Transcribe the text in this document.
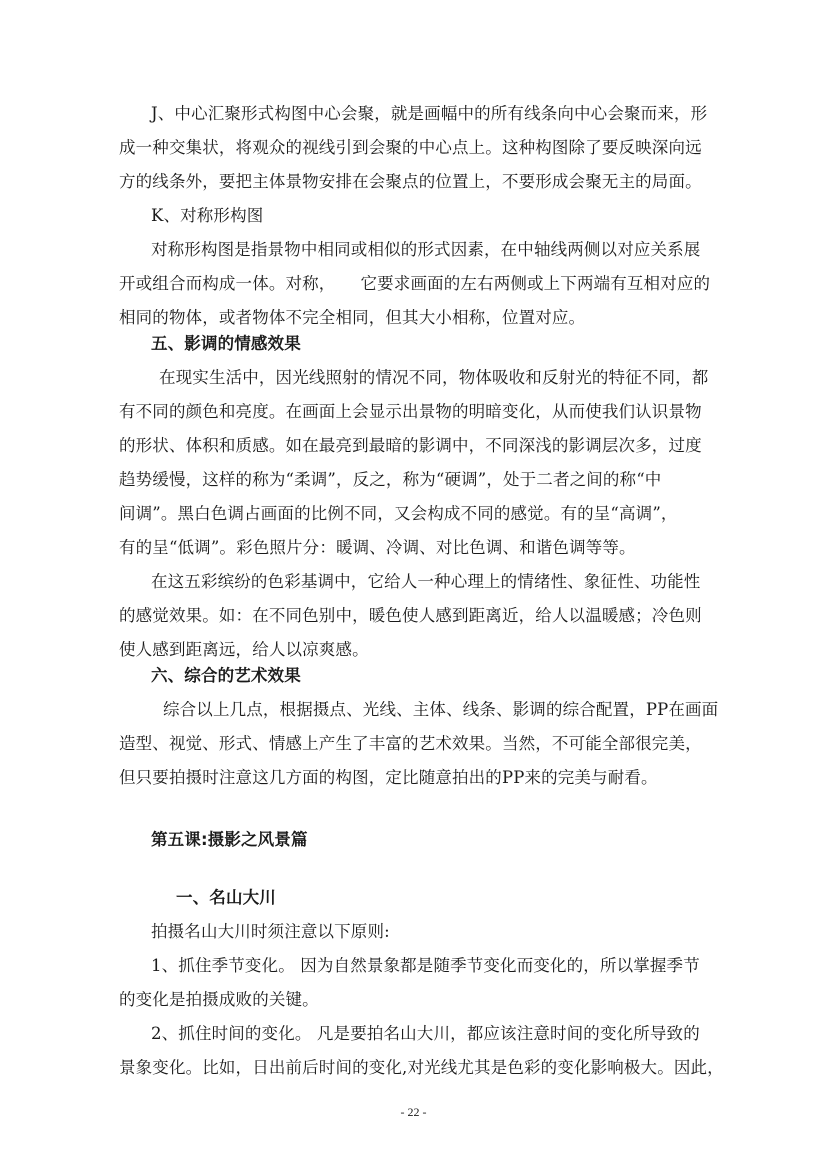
J、中心汇聚形式构图中心会聚，就是画幅中的所有线条向中心会聚而来，形
成一种交集状，将观众的视线引到会聚的中心点上。这种构图除了要反映深向远
方的线条外，要把主体景物安排在会聚点的位置上，不要形成会聚无主的局面。
K、对称形构图
对称形构图是指景物中相同或相似的形式因素，在中轴线两侧以对应关系展
开或组合而构成一体。对称，　　它要求画面的左右两侧或上下两端有互相对应的
相同的物体，或者物体不完全相同，但其大小相称，位置对应。
五、影调的情感效果
在现实生活中，因光线照射的情况不同，物体吸收和反射光的特征不同，都
有不同的颜色和亮度。在画面上会显示出景物的明暗变化，从而使我们认识景物
的形状、体积和质感。如在最亮到最暗的影调中，不同深浅的影调层次多，过度
趋势缓慢，这样的称为“柔调”，反之，称为“硬调”，处于二者之间的称“中
间调”。黑白色调占画面的比例不同，又会构成不同的感觉。有的呈“高调”，
有的呈“低调”。彩色照片分：暖调、冷调、对比色调、和谐色调等等。
在这五彩缤纷的色彩基调中，它给人一种心理上的情绪性、象征性、功能性
的感觉效果。如：在不同色别中，暖色使人感到距离近，给人以温暖感；冷色则
使人感到距离远，给人以凉爽感。
六、综合的艺术效果
综合以上几点，根据摄点、光线、主体、线条、影调的综合配置，PP在画面
造型、视觉、形式、情感上产生了丰富的艺术效果。当然，不可能全部很完美，
但只要拍摄时注意这几方面的构图，定比随意拍出的PP来的完美与耐看。
第五课:摄影之风景篇
一、名山大川
拍摄名山大川时须注意以下原则:
1、抓住季节变化。 因为自然景象都是随季节变化而变化的，所以掌握季节
的变化是拍摄成败的关键。
2、抓住时间的变化。 凡是要拍名山大川，都应该注意时间的变化所导致的
景象变化。比如，日出前后时间的变化,对光线尤其是色彩的变化影响极大。因此，
- 22 -
